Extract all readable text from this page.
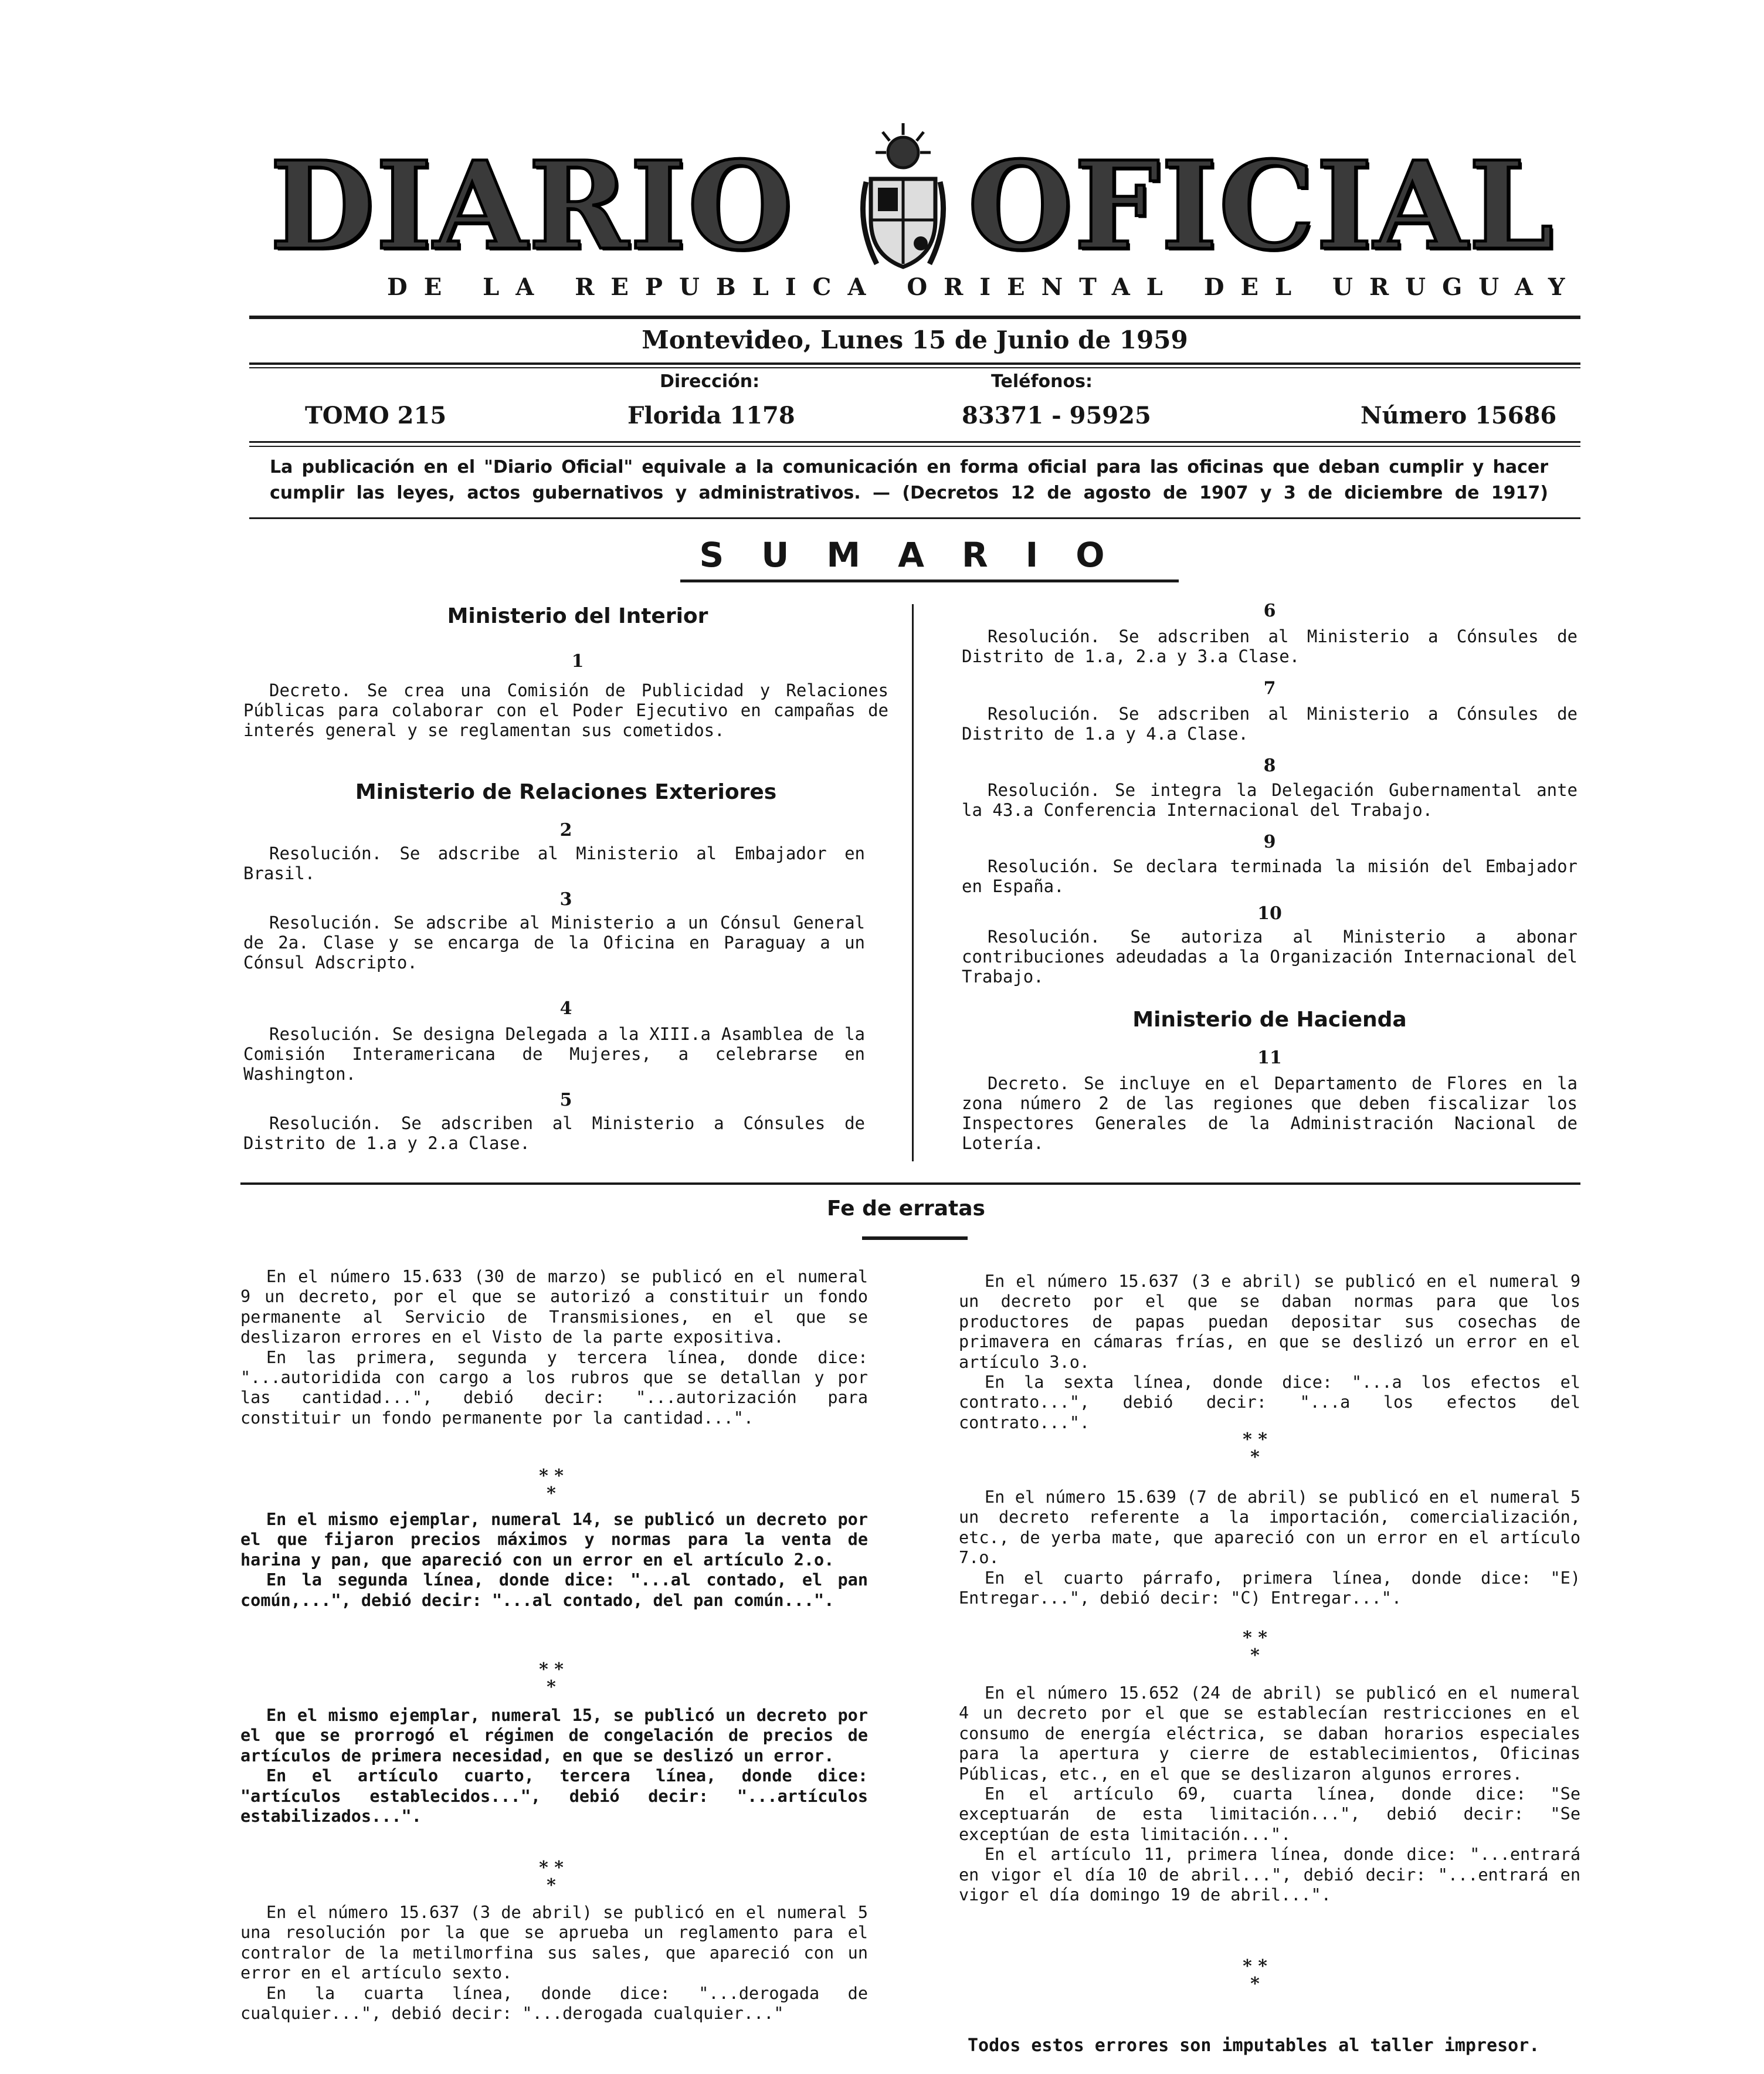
DIARIO OFICIAL
DE LA REPUBLICA ORIENTAL DEL URUGUAY
Montevideo, Lunes 15 de Junio de 1959
Dirección:	Teléfonos:
TOMO 215	Florida 1178	83371 - 95925	Número 15686
La publicación en el "Diario Oficial" equivale a la comunicación en forma oficial para las oficinas que deban cumplir y hacer
cumplir las leyes, actos gubernativos y administrativos. — (Decretos 12 de agosto de 1907 y 3 de diciembre de 1917)
SUMARIO
Ministerio del Interior
1
Decreto. Se crea una Comisión de Publicidad y Relaciones Públicas para colaborar con el Poder Ejecutivo en campañas de interés general y se reglamentan sus cometidos.
Ministerio de Relaciones Exteriores
2
Resolución. Se adscribe al Ministerio al Embajador en Brasil.
3
Resolución. Se adscribe al Ministerio a un Cónsul General de 2a. Clase y se encarga de la Oficina en Paraguay a un Cónsul Adscripto.
4
Resolución. Se designa Delegada a la XIII.a Asamblea de la Comisión Interamericana de Mujeres, a celebrarse en Washington.
5
Resolución. Se adscriben al Ministerio a Cónsules de Distrito de 1.a y 2.a Clase.
6
Resolución. Se adscriben al Ministerio a Cónsules de Distrito de 1.a, 2.a y 3.a Clase.
7
Resolución. Se adscriben al Ministerio a Cónsules de Distrito de 1.a y 4.a Clase.
8
Resolución. Se integra la Delegación Gubernamental ante la 43.a Conferencia Internacional del Trabajo.
9
Resolución. Se declara terminada la misión del Embajador en España.
10
Resolución. Se autoriza al Ministerio a abonar contribuciones adeudadas a la Organización Internacional del Trabajo.
Ministerio de Hacienda
11
Decreto. Se incluye en el Departamento de Flores en la zona número 2 de las regiones que deben fiscalizar los Inspectores Generales de la Administración Nacional de Lotería.
Fe de erratas

En el número 15.633 (30 de marzo) se publicó en el numeral 9 un decreto, por el que se autorizó a constituir un fondo permanente al Servicio de Transmisiones, en el que se deslizaron errores en el Visto de la parte expositiva.

En las primera, segunda y tercera línea, donde dice: "...autoridida con cargo a los rubros que se detallan y por las cantidad...", debió decir: "...autorización para constituir un fondo permanente por la cantidad...".

* *
*

En el mismo ejemplar, numeral 14, se publicó un decreto por el que fijaron precios máximos y normas para la venta de harina y pan, que apareció con un error en el artículo 2.o.

En la segunda línea, donde dice: "...al contado, el pan común,...", debió decir: "...al contado, del pan común...".

* *
*

En el mismo ejemplar, numeral 15, se publicó un decreto por el que se prorrogó el régimen de congelación de precios de artículos de primera necesidad, en que se deslizó un error.

En el artículo cuarto, tercera línea, donde dice: "artículos establecidos...", debió decir: "...artículos estabilizados...".

* *
*

En el número 15.637 (3 de abril) se publicó en el numeral 5 una resolución por la que se aprueba un reglamento para el contralor de la metilmorfina sus sales, que apareció con un error en el artículo sexto.

En la cuarta línea, donde dice: "...derogada de cualquier...", debió decir: "...derogada cualquier..."

En el número 15.637 (3 e abril) se publicó en el numeral 9 un decreto por el que se daban normas para que los productores de papas puedan depositar sus cosechas de primavera en cámaras frías, en que se deslizó un error en el artículo 3.o.

En la sexta línea, donde dice: "...a los efectos el contrato...", debió decir: "...a los efectos del contrato...".

* *
*

En el número 15.639 (7 de abril) se publicó en el numeral 5 un decreto referente a la importación, comercialización, etc., de yerba mate, que apareció con un error en el artículo 7.o.

En el cuarto párrafo, primera línea, donde dice: "E) Entregar...", debió decir: "C) Entregar...".

* *
*

En el número 15.652 (24 de abril) se publicó en el numeral 4 un decreto por el que se establecían restricciones en el consumo de energía eléctrica, se daban horarios especiales para la apertura y cierre de establecimientos, Oficinas Públicas, etc., en el que se deslizaron algunos errores.

En el artículo 69, cuarta línea, donde dice: "Se exceptuarán de esta limitación...", debió decir: "Se exceptúan de esta limitación...".

En el artículo 11, primera línea, donde dice: "...entrará en vigor el día 10 de abril...", debió decir: "...entrará en vigor el día domingo 19 de abril...".

* *
*
Todos estos errores son imputables al taller impresor.
